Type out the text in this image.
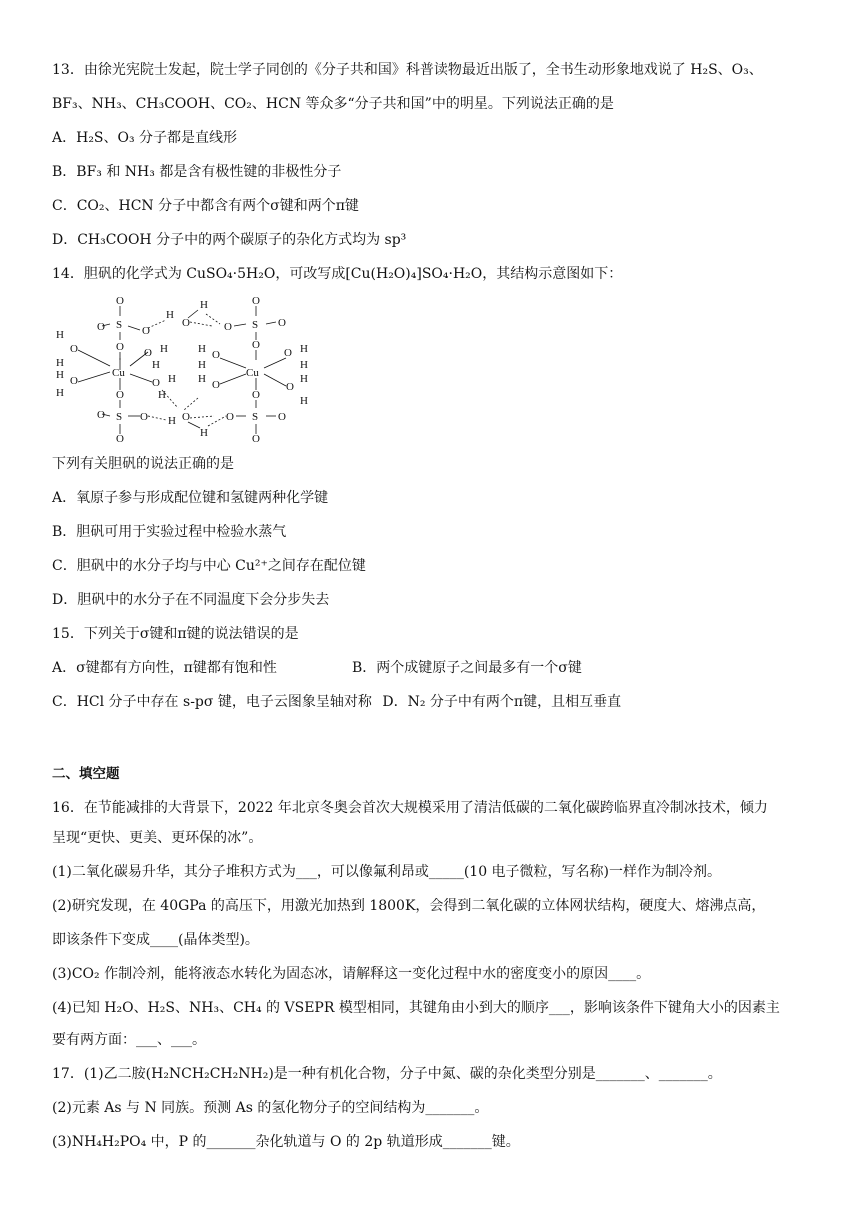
13．由徐光宪院士发起，院士学子同创的《分子共和国》科普读物最近出版了，全书生动形象地戏说了 H₂S、O₃、
BF₃、NH₃、CH₃COOH、CO₂、HCN 等众多“分子共和国”中的明星。下列说法正确的是
A．H₂S、O₃ 分子都是直线形
B．BF₃ 和 NH₃ 都是含有极性键的非极性分子
C．CO₂、HCN 分子中都含有两个σ键和两个π键
D．CH₃COOH 分子中的两个碳原子的杂化方式均为 sp³
14．胆矾的化学式为 CuSO₄·5H₂O，可改写成[Cu(H₂O)₄]SO₄·H₂O，其结构示意图如下：
O
O S O
O
Cu
H
O
H
H O
H
O H
H
O H
H
O
O S O
O
H
O
H
H O
H
O
O S O
O
Cu
H O
H
H O
O H
H
H
O
H
O
O S O
O
下列有关胆矾的说法正确的是
A．氧原子参与形成配位键和氢键两种化学键
B．胆矾可用于实验过程中检验水蒸气
C．胆矾中的水分子均与中心 Cu²⁺之间存在配位键
D．胆矾中的水分子在不同温度下会分步失去
15．下列关于σ键和π键的说法错误的是
A．σ键都有方向性，π键都有饱和性	B．两个成键原子之间最多有一个σ键
C．HCl 分子中存在 s-pσ 键，电子云图象呈轴对称 D．N₂ 分子中有两个π键，且相互垂直
二、填空题
16．在节能减排的大背景下，2022 年北京冬奥会首次大规模采用了清洁低碳的二氧化碳跨临界直冷制冰技术，倾力
呈现“更快、更美、更环保的冰”。
(1)二氧化碳易升华，其分子堆积方式为___，可以像氟利昂或_____(10 电子微粒，写名称)一样作为制冷剂。
(2)研究发现，在 40GPa 的高压下，用激光加热到 1800K，会得到二氧化碳的立体网状结构，硬度大、熔沸点高，
即该条件下变成____(晶体类型)。
(3)CO₂ 作制冷剂，能将液态水转化为固态冰，请解释这一变化过程中水的密度变小的原因____。
(4)已知 H₂O、H₂S、NH₃、CH₄ 的 VSEPR 模型相同，其键角由小到大的顺序___，影响该条件下键角大小的因素主
要有两方面：___、___。
17．(1)乙二胺(H₂NCH₂CH₂NH₂)是一种有机化合物，分子中氮、碳的杂化类型分别是_______、_______。
(2)元素 As 与 N 同族。预测 As 的氢化物分子的空间结构为_______。
(3)NH₄H₂PO₄ 中，P 的_______杂化轨道与 O 的 2p 轨道形成_______键。
